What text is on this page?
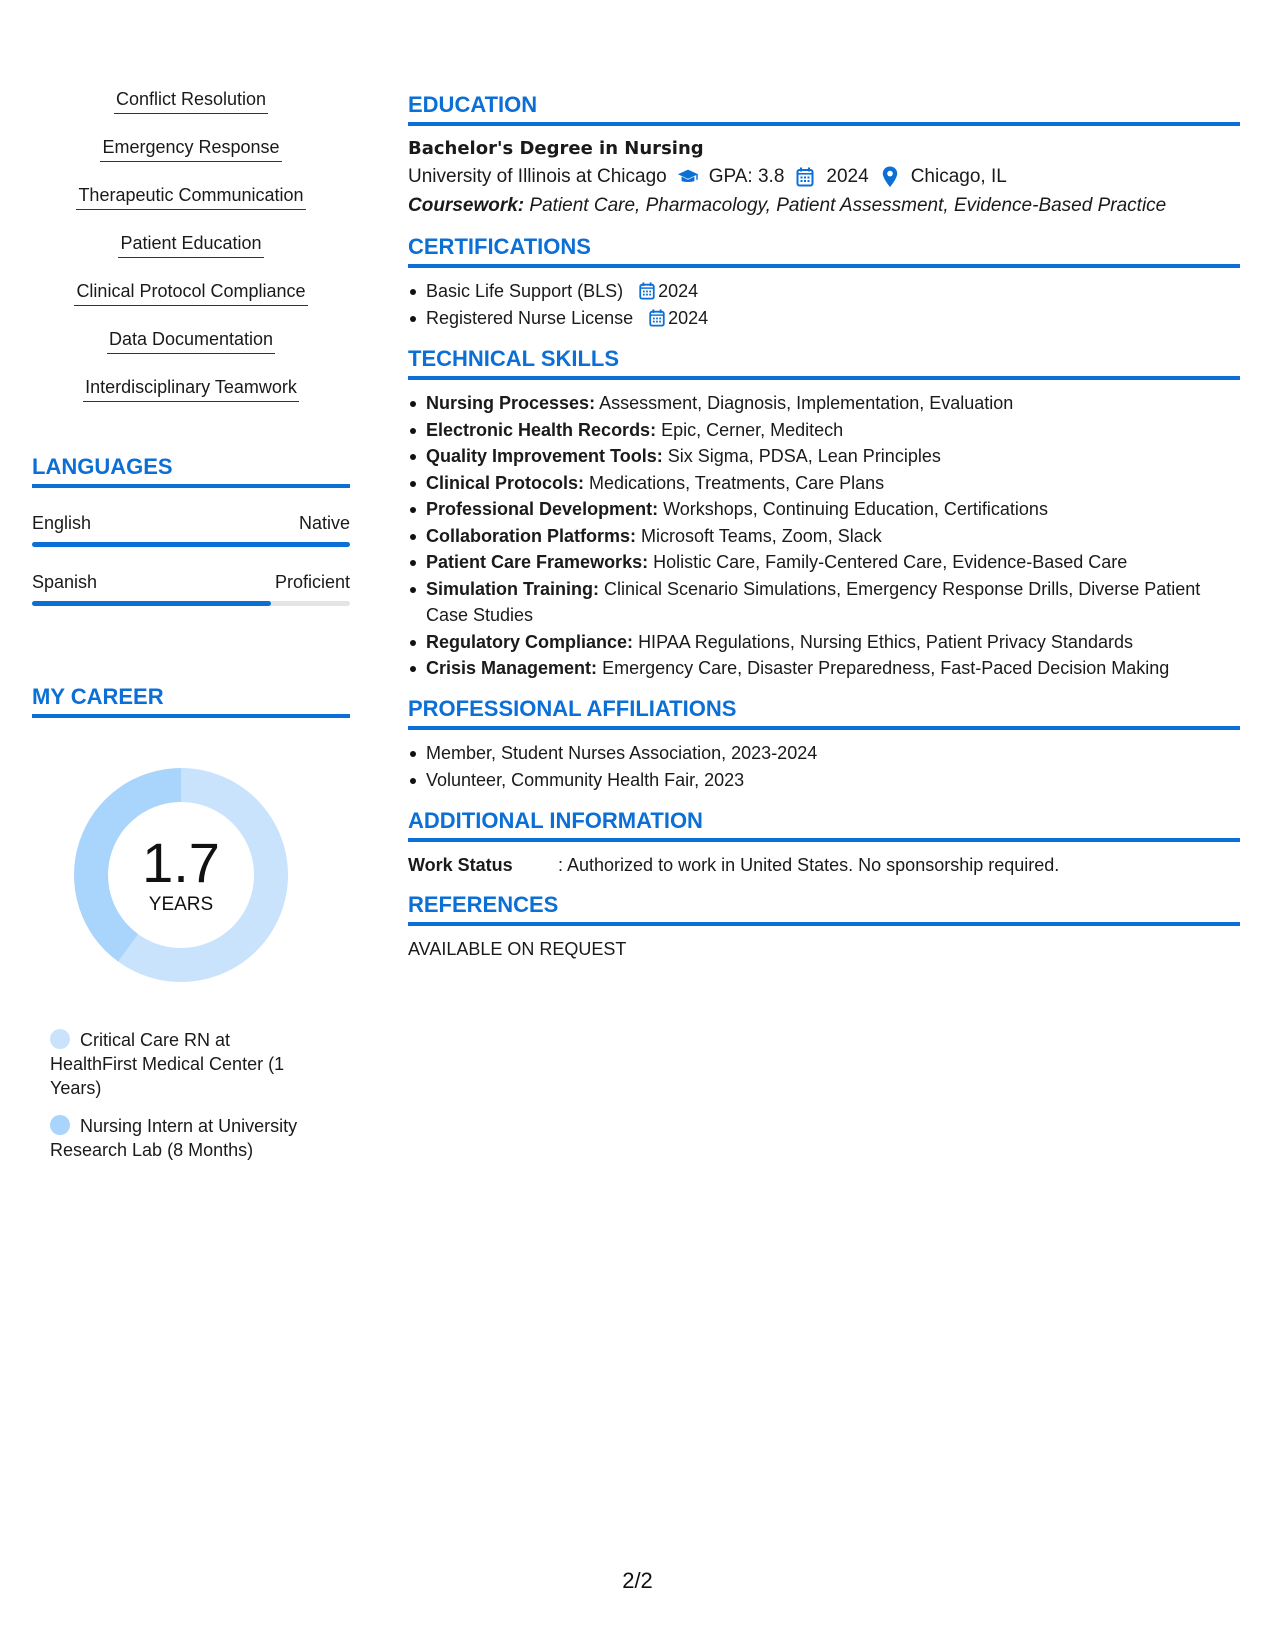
Conflict Resolution
Emergency Response
Therapeutic Communication
Patient Education
Clinical Protocol Compliance
Data Documentation
Interdisciplinary Teamwork
LANGUAGES
English	Native
Spanish	Proficient
MY CAREER
1.7
YEARS
Critical Care RN at HealthFirst Medical Center (1 Years)
Nursing Intern at University Research Lab (8 Months)
EDUCATION
Bachelor's Degree in Nursing
University of Illinois at Chicago GPA: 3.8 2024 Chicago, IL
Coursework: Patient Care, Pharmacology, Patient Assessment, Evidence-Based Practice
CERTIFICATIONS
Basic Life Support (BLS) 2024
Registered Nurse License 2024
TECHNICAL SKILLS
Nursing Processes: Assessment, Diagnosis, Implementation, Evaluation
Electronic Health Records: Epic, Cerner, Meditech
Quality Improvement Tools: Six Sigma, PDSA, Lean Principles
Clinical Protocols: Medications, Treatments, Care Plans
Professional Development: Workshops, Continuing Education, Certifications
Collaboration Platforms: Microsoft Teams, Zoom, Slack
Patient Care Frameworks: Holistic Care, Family-Centered Care, Evidence-Based Care
Simulation Training: Clinical Scenario Simulations, Emergency Response Drills, Diverse Patient Case Studies
Regulatory Compliance: HIPAA Regulations, Nursing Ethics, Patient Privacy Standards
Crisis Management: Emergency Care, Disaster Preparedness, Fast-Paced Decision Making
PROFESSIONAL AFFILIATIONS
Member, Student Nurses Association, 2023-2024
Volunteer, Community Health Fair, 2023
ADDITIONAL INFORMATION
Work Status	: Authorized to work in United States. No sponsorship required.
REFERENCES
AVAILABLE ON REQUEST
2/2
